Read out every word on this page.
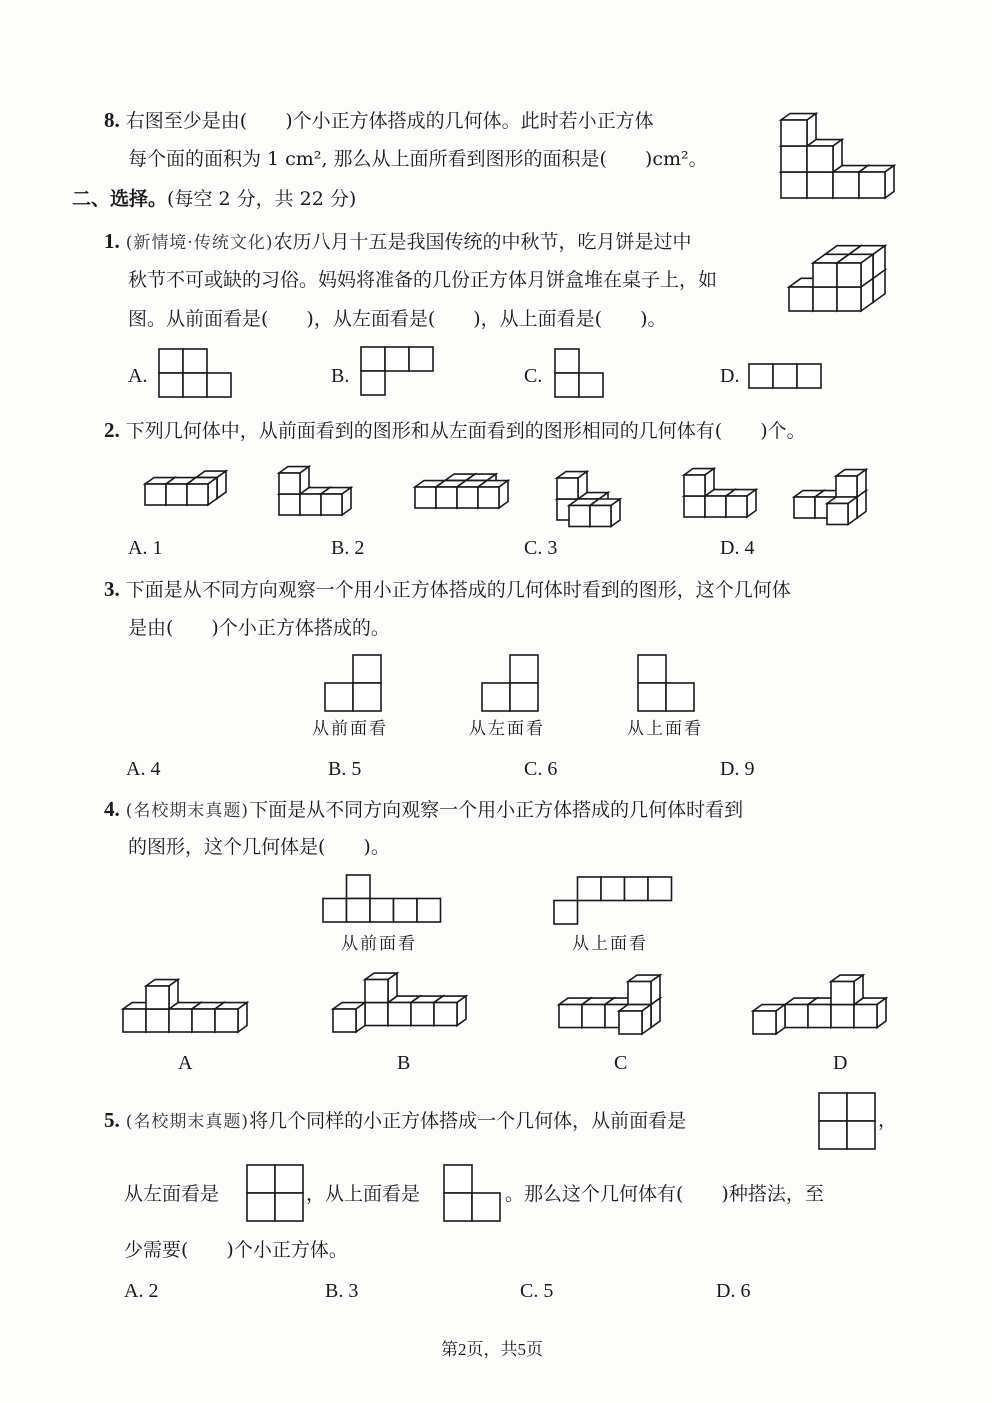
8. 右图至少是由(　　)个小正方体搭成的几何体。此时若小正方体
每个面的面积为 1 cm², 那么从上面所看到图形的面积是(　　)cm²。
二、选择。(每空 2 分，共 22 分)
1. (新情境·传统文化)农历八月十五是我国传统的中秋节，吃月饼是过中
秋节不可或缺的习俗。妈妈将准备的几份正方体月饼盒堆在桌子上，如
图。从前面看是(　　)，从左面看是(　　)，从上面看是(　　)。
A.	B.	C.	D.
2. 下列几何体中，从前面看到的图形和从左面看到的图形相同的几何体有(　　)个。
A. 1	B. 2	C. 3	D. 4
3. 下面是从不同方向观察一个用小正方体搭成的几何体时看到的图形，这个几何体
是由(　　)个小正方体搭成的。
从前面看	从左面看	从上面看
A. 4	B. 5	C. 6	D. 9
4. (名校期末真题)下面是从不同方向观察一个用小正方体搭成的几何体时看到
的图形，这个几何体是(　　)。
从前面看	从上面看
A	B	C	D
5. (名校期末真题)将几个同样的小正方体搭成一个几何体，从前面看是	，
从左面看是	，从上面看是	。那么这个几何体有(　　)种搭法，至
少需要(　　)个小正方体。
A. 2	B. 3	C. 5	D. 6
第2页，共5页
